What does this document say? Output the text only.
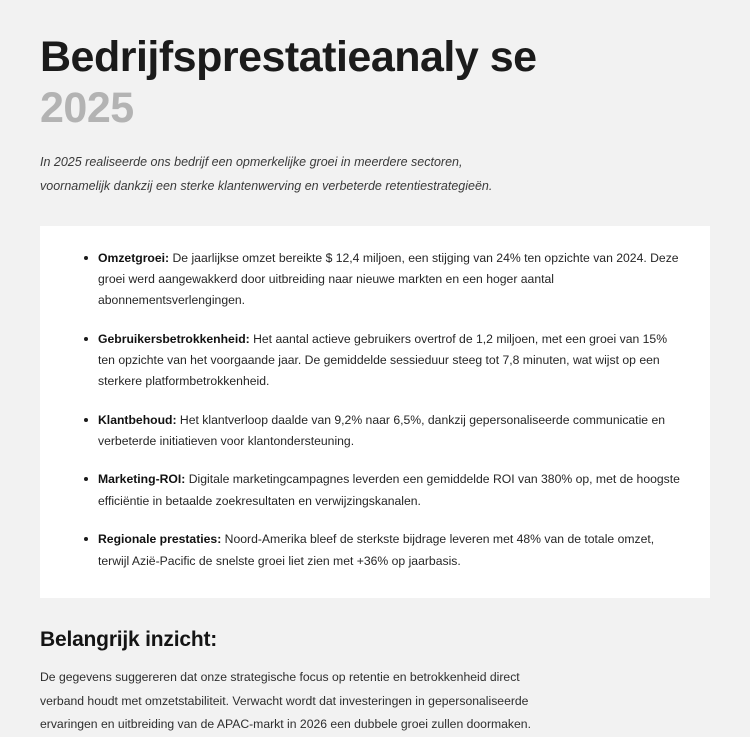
Bedrijfsprestatieanaly se 2025

In 2025 realiseerde ons bedrijf een opmerkelijke groei in meerdere sectoren, voornamelijk dankzij een sterke klantenwerving en verbeterde retentiestrategieën.

Omzetgroei: De jaarlijkse omzet bereikte $ 12,4 miljoen, een stijging van 24% ten opzichte van 2024. Deze groei werd aangewakkerd door uitbreiding naar nieuwe markten en een hoger aantal abonnementsverlengingen.
Gebruikersbetrokkenheid: Het aantal actieve gebruikers overtrof de 1,2 miljoen, met een groei van 15% ten opzichte van het voorgaande jaar. De gemiddelde sessieduur steeg tot 7,8 minuten, wat wijst op een sterkere platformbetrokkenheid.
Klantbehoud: Het klantverloop daalde van 9,2% naar 6,5%, dankzij gepersonaliseerde communicatie en verbeterde initiatieven voor klantondersteuning.
Marketing-ROI: Digitale marketingcampagnes leverden een gemiddelde ROI van 380% op, met de hoogste efficiëntie in betaalde zoekresultaten en verwijzingskanalen.
Regionale prestaties: Noord-Amerika bleef de sterkste bijdrage leveren met 48% van de totale omzet, terwijl Azië-Pacific de snelste groei liet zien met +36% op jaarbasis.
Belangrijk inzicht:

De gegevens suggereren dat onze strategische focus op retentie en betrokkenheid direct verband houdt met omzetstabiliteit. Verwacht wordt dat investeringen in gepersonaliseerde ervaringen en uitbreiding van de APAC-markt in 2026 een dubbele groei zullen doormaken.
